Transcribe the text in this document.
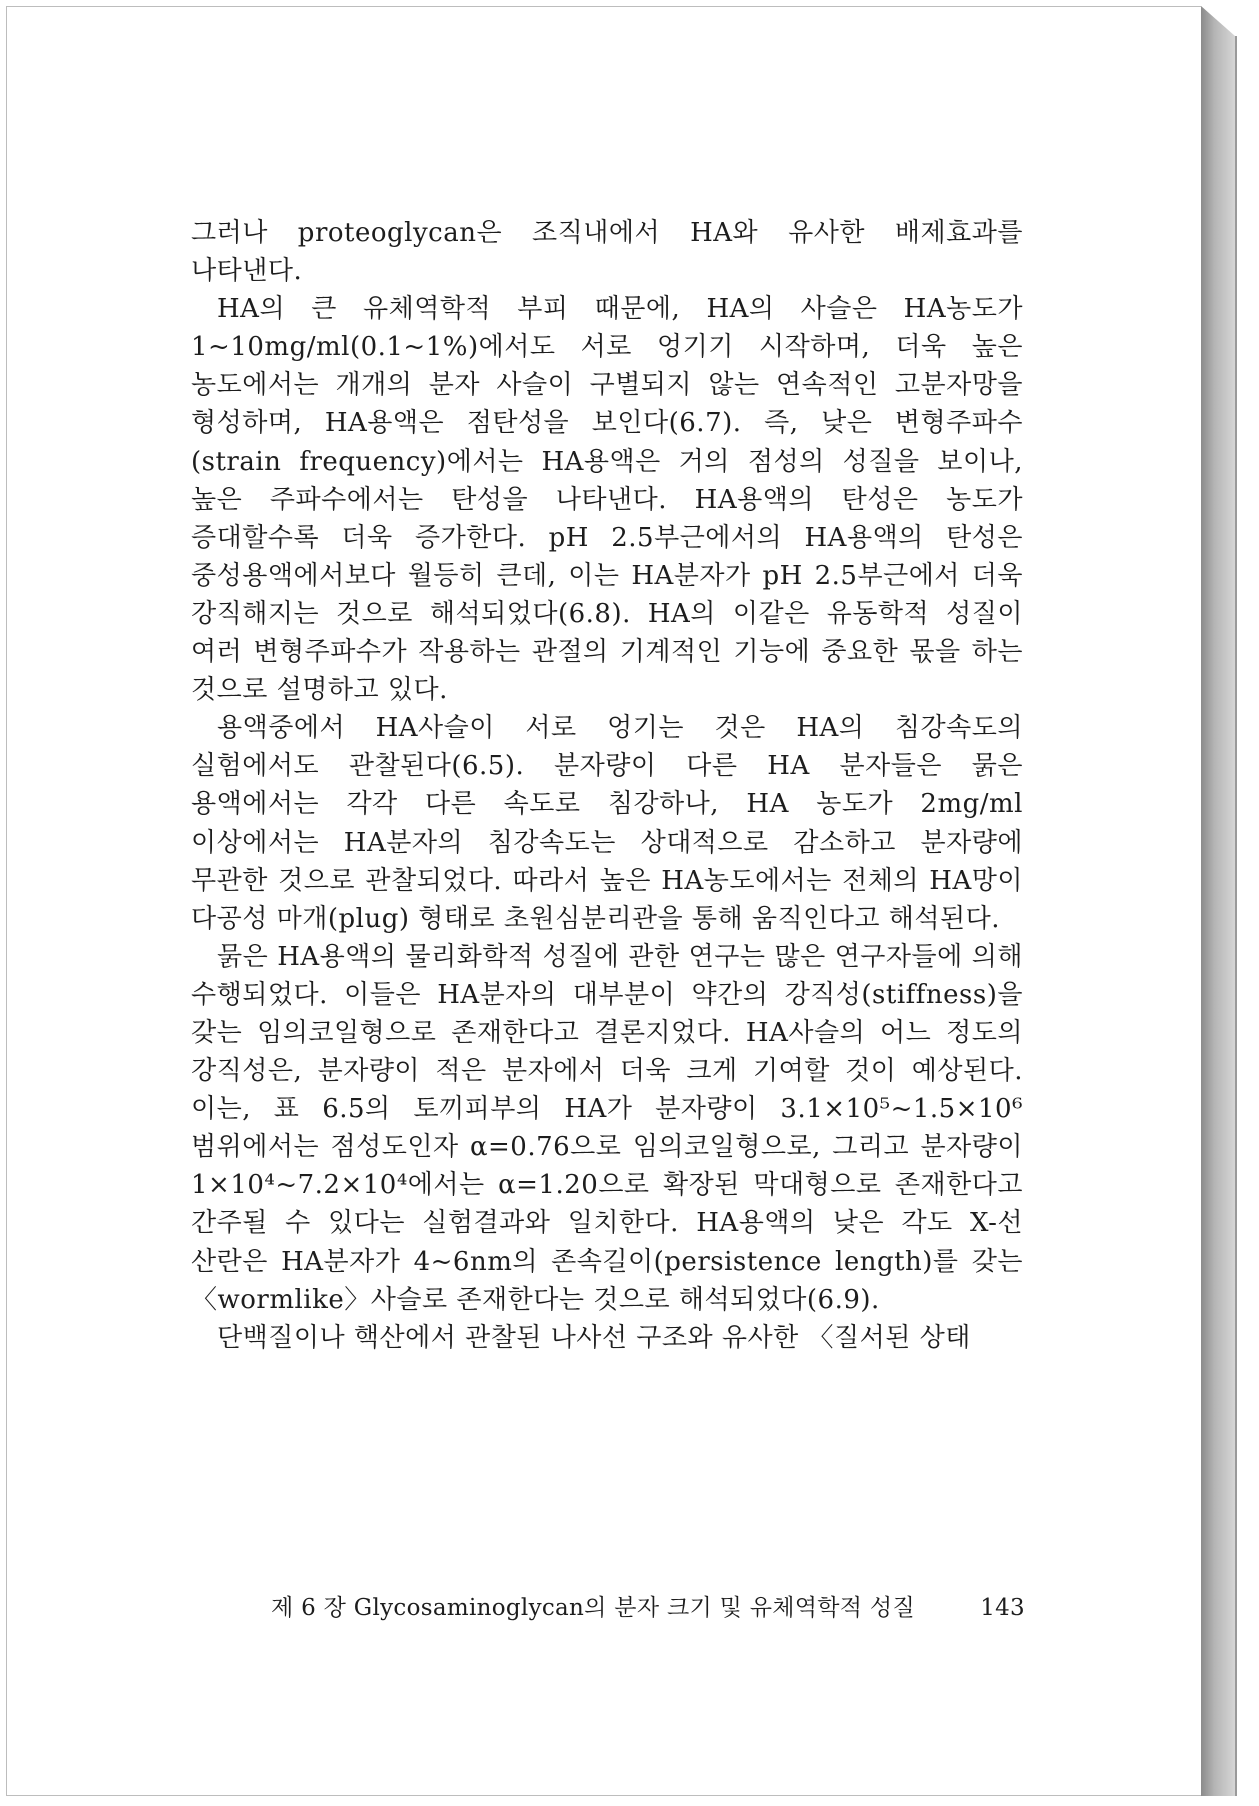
그러나 proteoglycan은 조직내에서 HA와 유사한 배제효과를 나타낸다.

HA의 큰 유체역학적 부피 때문에, HA의 사슬은 HA농도가 1~10mg/ml(0.1~1%)에서도 서로 엉기기 시작하며, 더욱 높은 농도에서는 개개의 분자 사슬이 구별되지 않는 연속적인 고분자망을 형성하며, HA용액은 점탄성을 보인다(6.7). 즉, 낮은 변형주파수(strain frequency)에서는 HA용액은 거의 점성의 성질을 보이나, 높은 주파수에서는 탄성을 나타낸다. HA용액의 탄성은 농도가 증대할수록 더욱 증가한다. pH 2.5부근에서의 HA용액의 탄성은 중성용액에서보다 월등히 큰데, 이는 HA분자가 pH 2.5부근에서 더욱 강직해지는 것으로 해석되었다(6.8). HA의 이같은 유동학적 성질이 여러 변형주파수가 작용하는 관절의 기계적인 기능에 중요한 몫을 하는 것으로 설명하고 있다.

용액중에서 HA사슬이 서로 엉기는 것은 HA의 침강속도의 실험에서도 관찰된다(6.5). 분자량이 다른 HA 분자들은 묽은 용액에서는 각각 다른 속도로 침강하나, HA 농도가 2mg/ml 이상에서는 HA분자의 침강속도는 상대적으로 감소하고 분자량에 무관한 것으로 관찰되었다. 따라서 높은 HA농도에서는 전체의 HA망이 다공성 마개(plug) 형태로 초원심분리관을 통해 움직인다고 해석된다.

묽은 HA용액의 물리화학적 성질에 관한 연구는 많은 연구자들에 의해 수행되었다. 이들은 HA분자의 대부분이 약간의 강직성(stiffness)을 갖는 임의코일형으로 존재한다고 결론지었다. HA사슬의 어느 정도의 강직성은, 분자량이 적은 분자에서 더욱 크게 기여할 것이 예상된다. 이는, 표 6.5의 토끼피부의 HA가 분자량이 3.1×10⁵~1.5×10⁶ 범위에서는 점성도인자 α=0.76으로 임의코일형으로, 그리고 분자량이 1×10⁴~7.2×10⁴에서는 α=1.20으로 확장된 막대형으로 존재한다고 간주될 수 있다는 실험결과와 일치한다. HA용액의 낮은 각도 X-선 산란은 HA분자가 4~6nm의 존속길이(persistence length)를 갖는 〈wormlike〉사슬로 존재한다는 것으로 해석되었다(6.9).

단백질이나 핵산에서 관찰된 나사선 구조와 유사한 〈질서된 상태

제 6 장 Glycosaminoglycan의 분자 크기 및 유체역학적 성질	143
